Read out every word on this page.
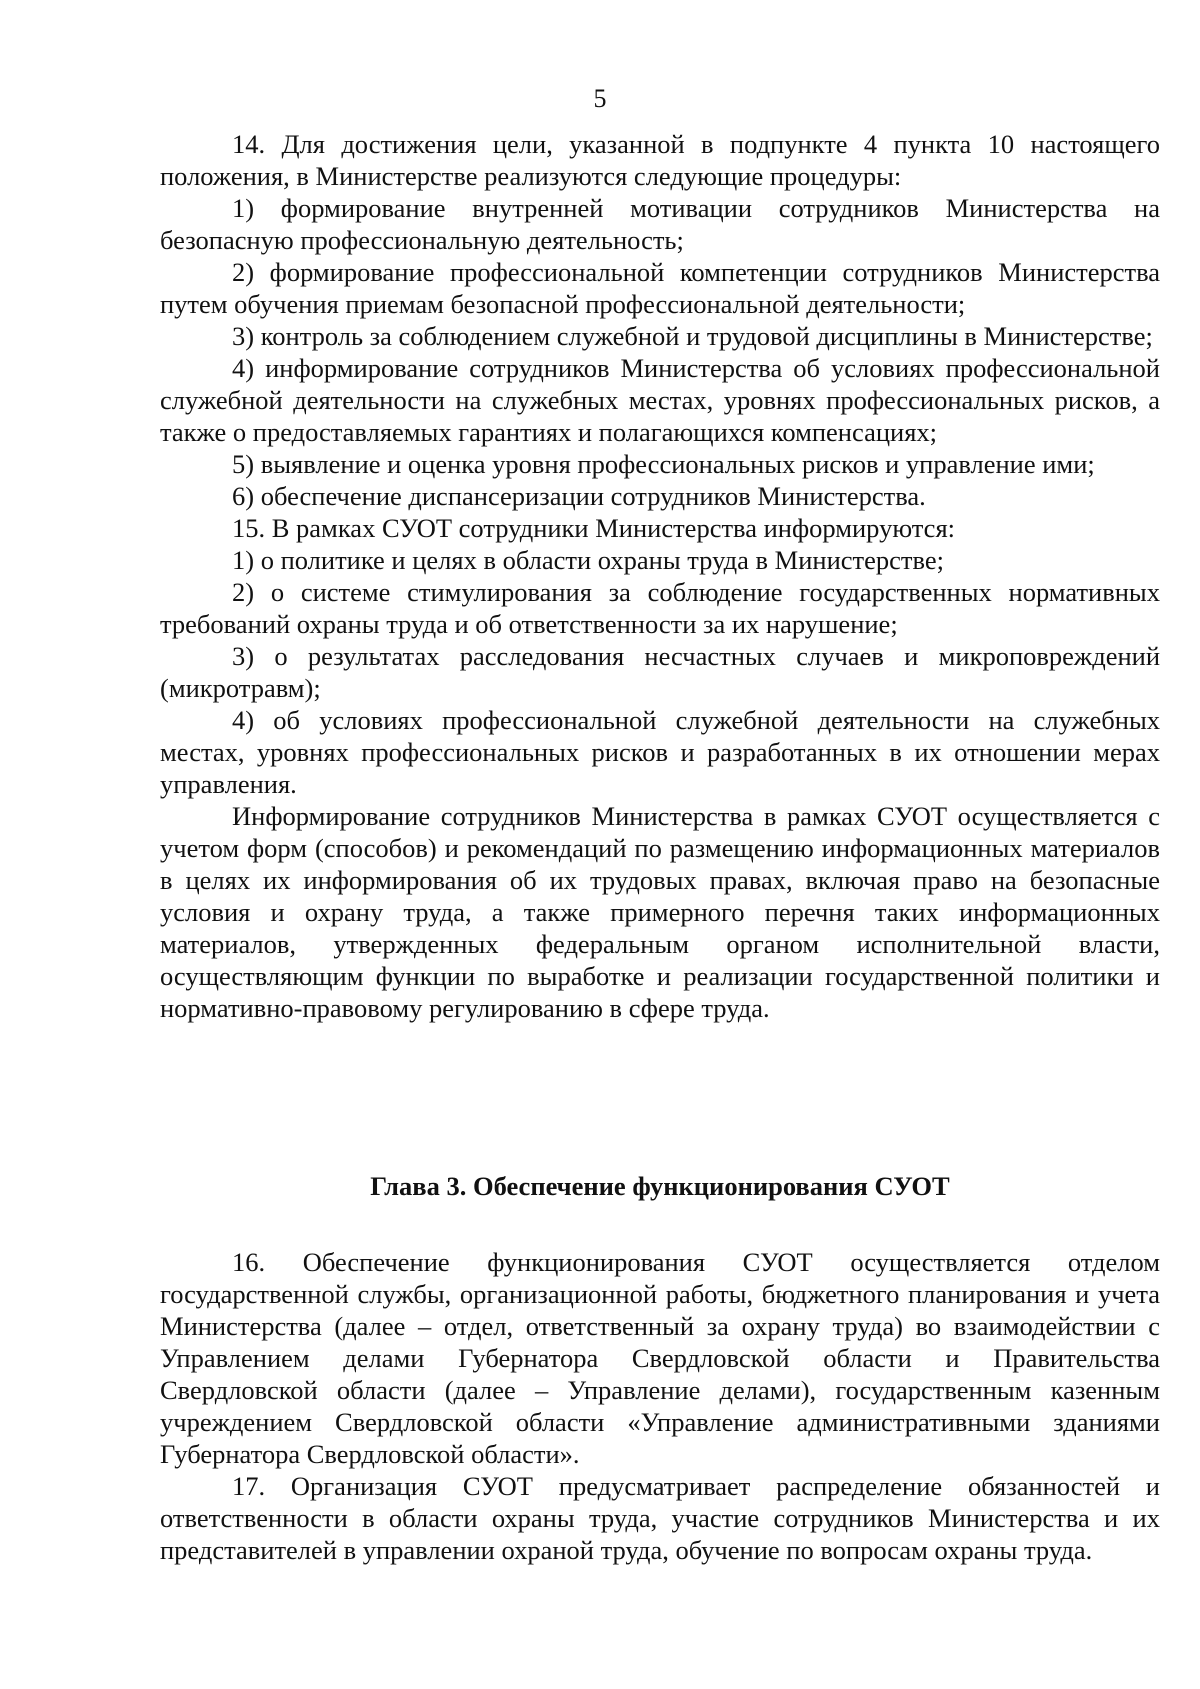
5

14. Для достижения цели, указанной в подпункте 4 пункта 10 настоящего положения, в Министерстве реализуются следующие процедуры:

1) формирование внутренней мотивации сотрудников Министерства на безопасную профессиональную деятельность;

2) формирование профессиональной компетенции сотрудников Министерства путем обучения приемам безопасной профессиональной деятельности;

3) контроль за соблюдением служебной и трудовой дисциплины в Министерстве;

4) информирование сотрудников Министерства об условиях профессиональной служебной деятельности на служебных местах, уровнях профессиональных рисков, а также о предоставляемых гарантиях и полагающихся компенсациях;

5) выявление и оценка уровня профессиональных рисков и управление ими;

6) обеспечение диспансеризации сотрудников Министерства.

15. В рамках СУОТ сотрудники Министерства информируются:

1) о политике и целях в области охраны труда в Министерстве;

2) о системе стимулирования за соблюдение государственных нормативных требований охраны труда и об ответственности за их нарушение;

3) о результатах расследования несчастных случаев и микроповреждений (микротравм);

4) об условиях профессиональной служебной деятельности на служебных местах, уровнях профессиональных рисков и разработанных в их отношении мерах управления.

Информирование сотрудников Министерства в рамках СУОТ осуществляется с учетом форм (способов) и рекомендаций по размещению информационных материалов в целях их информирования об их трудовых правах, включая право на безопасные условия и охрану труда, а также примерного перечня таких информационных материалов, утвержденных федеральным органом исполнительной власти, осуществляющим функции по выработке и реализации государственной политики и нормативно-правовому регулированию в сфере труда.

Глава 3. Обеспечение функционирования СУОТ

16. Обеспечение функционирования СУОТ осуществляется отделом государственной службы, организационной работы, бюджетного планирования и учета Министерства (далее – отдел, ответственный за охрану труда) во взаимодействии с Управлением делами Губернатора Свердловской области и Правительства Свердловской области (далее – Управление делами), государственным казенным учреждением Свердловской области «Управление административными зданиями Губернатора Свердловской области».

17. Организация СУОТ предусматривает распределение обязанностей и ответственности в области охраны труда, участие сотрудников Министерства и их представителей в управлении охраной труда, обучение по вопросам охраны труда.
